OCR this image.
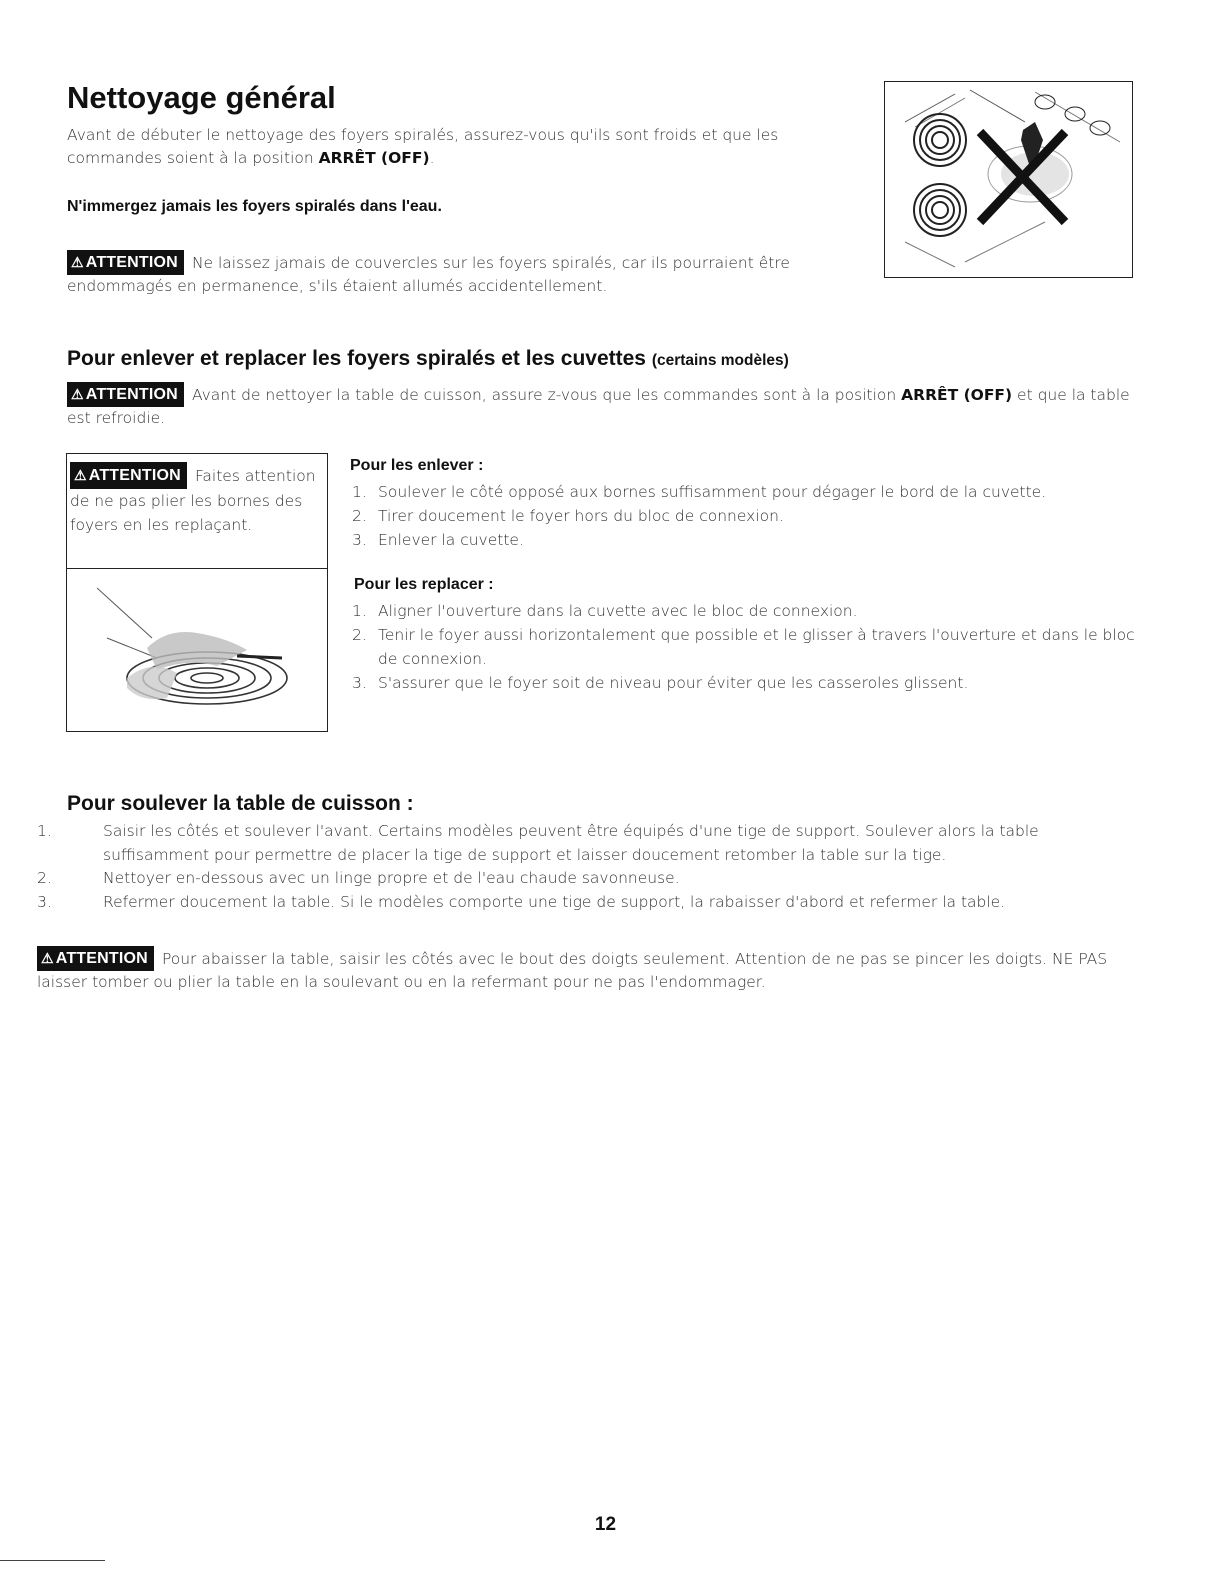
Nettoyage général
Avant de débuter le nettoyage des foyers spiralés, assurez-vous qu'ils sont froids et que les commandes soient à la position ARRÊT (OFF).
N'immergez jamais les foyers spiralés dans l'eau.
⚠ ATTENTION Ne laissez jamais de couvercles sur les foyers spiralés, car ils pourraient être endommagés en permanence, s'ils étaient allumés accidentellement.
Pour enlever et replacer les foyers spiralés et les cuvettes (certains modèles)
⚠ ATTENTION Avant de nettoyer la table de cuisson, assure z-vous que les commandes sont à la position ARRÊT (OFF) et que la table est refroidie.
⚠ ATTENTION Faites attention de ne pas plier les bornes des foyers en les replaçant.
Pour les enlever :
1. Soulever le côté opposé aux bornes suffisamment pour dégager le bord de la cuvette.
2. Tirer doucement le foyer hors du bloc de connexion.
3. Enlever la cuvette.
Pour les replacer :
1. Aligner l'ouverture dans la cuvette avec le bloc de connexion.
2. Tenir le foyer aussi horizontalement que possible et le glisser à travers l'ouverture et dans le bloc de connexion.
3. S'assurer que le foyer soit de niveau pour éviter que les casseroles glissent.
Pour soulever la table de cuisson :
1.	Saisir les côtés et soulever l'avant. Certains modèles peuvent être équipés d'une tige de support. Soulever alors la table suffisamment pour permettre de placer la tige de support et laisser doucement retomber la table sur la tige.
2.	Nettoyer en-dessous avec un linge propre et de l'eau chaude savonneuse.
3.	Refermer doucement la table. Si le modèles comporte une tige de support, la rabaisser d'abord et refermer la table.
⚠ ATTENTION Pour abaisser la table, saisir les côtés avec le bout des doigts seulement. Attention de ne pas se pincer les doigts. NE PAS laisser tomber ou plier la table en la soulevant ou en la refermant pour ne pas l'endommager.
12
